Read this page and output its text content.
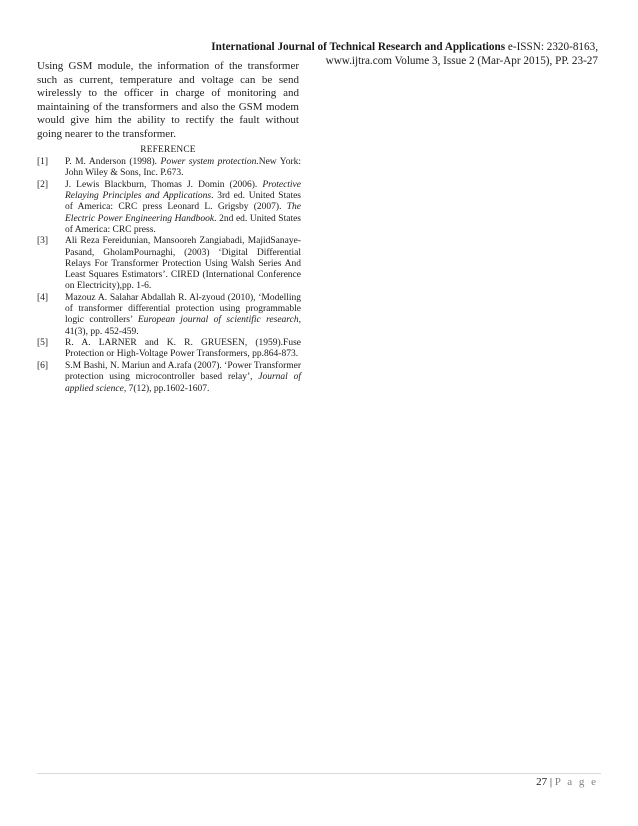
International Journal of Technical Research and Applications e-ISSN: 2320-8163,
www.ijtra.com Volume 3, Issue 2 (Mar-Apr 2015), PP. 23-27
Using GSM module, the information of the transformer such as current, temperature and voltage can be send wirelessly to the officer in charge of monitoring and maintaining of the transformers and also the GSM modem would give him the ability to rectify the fault without going nearer to the transformer.
REFERENCE
[1]	P. M. Anderson (1998). Power system protection.New York: John Wiley & Sons, Inc. P.673.
[2]	J. Lewis Blackburn, Thomas J. Domin (2006). Protective Relaying Principles and Applications. 3rd ed. United States of America: CRC press Leonard L. Grigsby (2007). The Electric Power Engineering Handbook. 2nd ed. United States of America: CRC press.
[3]	Ali Reza Fereidunian, Mansooreh Zangiabadi, MajidSanaye-Pasand, GholamPournaghi, (2003) ‘Digital Differential Relays For Transformer Protection Using Walsh Series And Least Squares Estimators’. CIRED (International Conference on Electricity),pp. 1-6.
[4]	Mazouz A. Salahar Abdallah R. Al-zyoud (2010), ‘Modelling of transformer differential protection using programmable logic controllers’ European journal of scientific research, 41(3), pp. 452-459.
[5]	R. A. LARNER and K. R. GRUESEN, (1959).Fuse Protection or High-Voltage Power Transformers, pp.864-873.
[6]	S.M Bashi, N. Mariun and A.rafa (2007). ‘Power Transformer protection using microcontroller based relay’, Journal of applied science, 7(12), pp.1602-1607.
27 | P a g e
